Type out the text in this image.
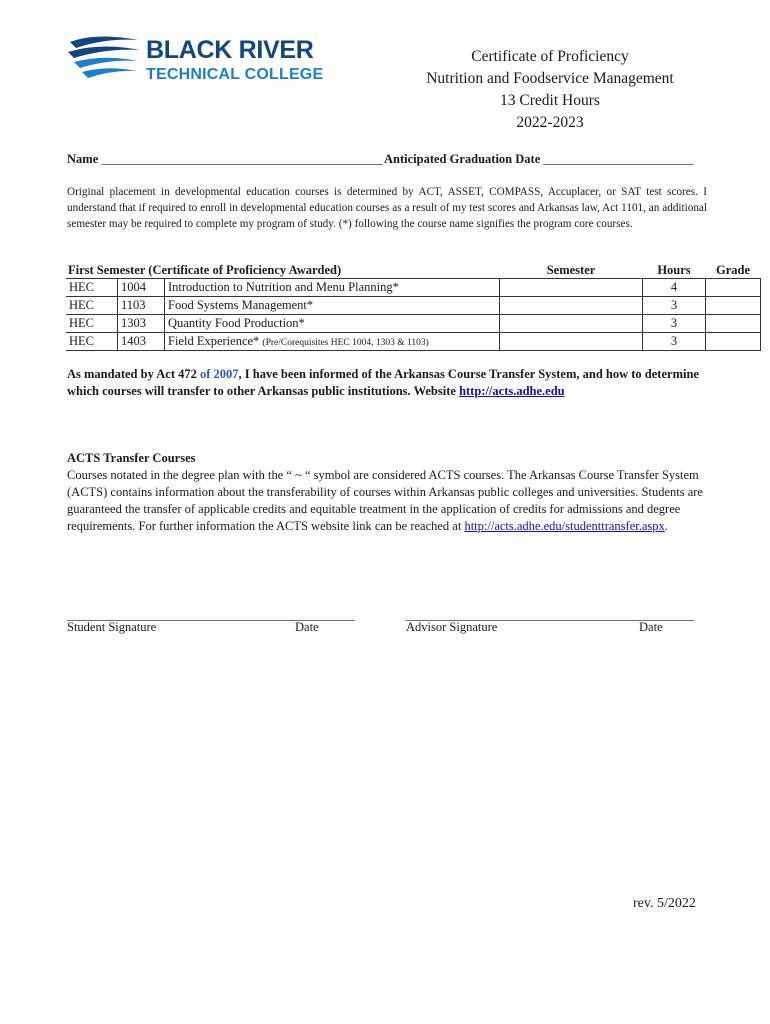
BLACK RIVER
TECHNICAL COLLEGE
Certificate of Proficiency
Nutrition and Foodservice Management
13 Credit Hours
2022-2023
Name _____________________________________________ Anticipated Graduation Date ________________________
Original placement in developmental education courses is determined by ACT, ASSET, COMPASS, Accuplacer, or SAT test scores. I understand that if required to enroll in developmental education courses as a result of my test scores and Arkansas law, Act 1101, an additional semester may be required to complete my program of study. (*) following the course name signifies the program core courses.
First Semester (Certificate of Proficiency Awarded)			Semester	Hours	Grade
HEC	1004	Introduction to Nutrition and Menu Planning*		4	
HEC	1103	Food Systems Management*		3	
HEC	1303	Quantity Food Production*		3	
HEC	1403	Field Experience* (Pre/Corequisites HEC 1004, 1303 & 1103)		3	
As mandated by Act 472 of 2007, I have been informed of the Arkansas Course Transfer System, and how to determine which courses will transfer to other Arkansas public institutions. Website http://acts.adhe.edu
ACTS Transfer Courses
Courses notated in the degree plan with the “ ~ “ symbol are considered ACTS courses. The Arkansas Course Transfer System (ACTS) contains information about the transferability of courses within Arkansas public colleges and universities. Students are guaranteed the transfer of applicable credits and equitable treatment in the application of credits for admissions and degree requirements. For further information the ACTS website link can be reached at http://acts.adhe.edu/studenttransfer.aspx.
__________________________________________________	__________________________________________________
Student Signature	Date	Advisor Signature	Date
rev. 5/2022
